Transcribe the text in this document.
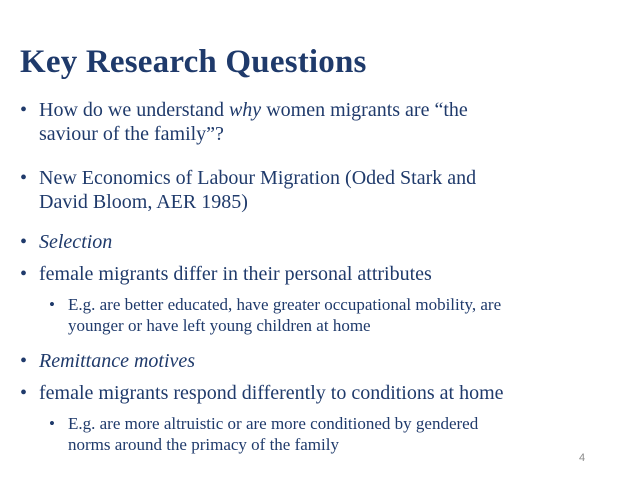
Key Research Questions
• How do we understand why women migrants are “the
saviour of the family”?
• New Economics of Labour Migration (Oded Stark and
David Bloom, AER 1985)
• Selection
• female migrants differ in their personal attributes
• E.g. are better educated, have greater occupational mobility, are
younger or have left young children at home
• Remittance motives
• female migrants respond differently to conditions at home
• E.g. are more altruistic or are more conditioned by gendered
norms around the primacy of the family
4
